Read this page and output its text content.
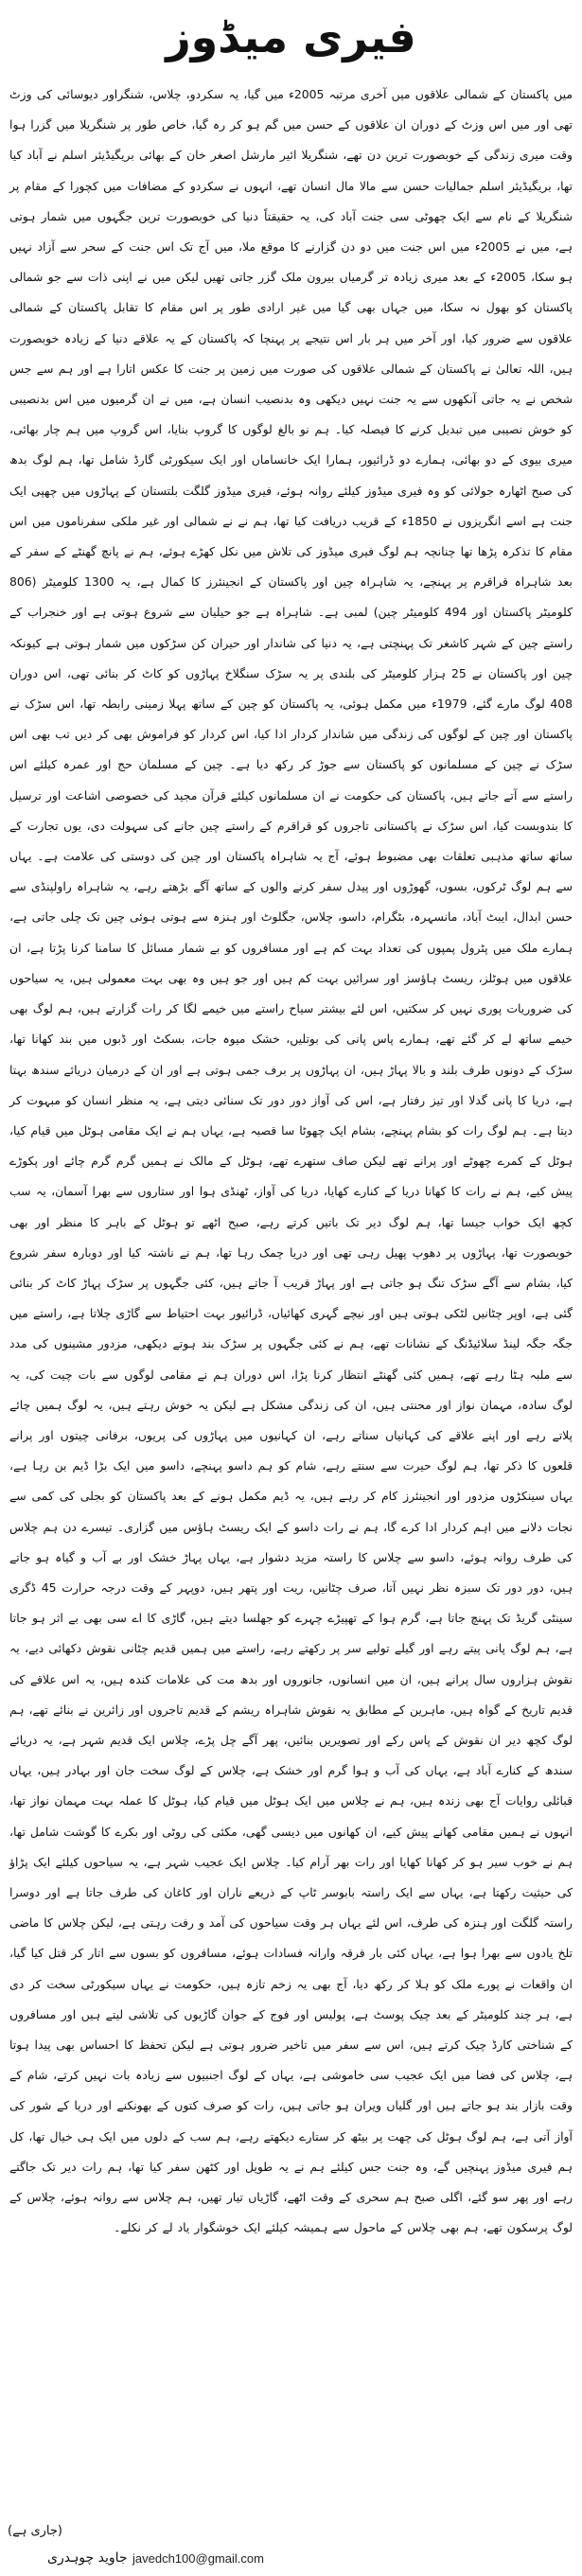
فیری میڈوز

میں پاکستان کے شمالی علاقوں میں آخری مرتبہ 2005ء میں گیا، یہ سکردو، چلاس، شنگراور دیوسائی کی وزٹ تھی اور میں اس وزٹ کے دوران ان علاقوں کے حسن میں گم ہو کر رہ گیا، خاص طور پر شنگریلا میں گزرا ہوا وقت میری زندگی کے خوبصورت ترین دن تھے، شنگریلا ائیر مارشل اصغر خان کے بھائی بریگیڈیئر اسلم نے آباد کیا تھا، بریگیڈیئر اسلم جمالیات حسن سے مالا مال انسان تھے، انہوں نے سکردو کے مضافات میں کچورا کے مقام پر شنگریلا کے نام سے ایک چھوٹی سی جنت آباد کی، یہ حقیقتاً دنیا کی خوبصورت ترین جگہوں میں شمار ہوتی ہے، میں نے 2005ء میں اس جنت میں دو دن گزارنے کا موقع ملا، میں آج تک اس جنت کے سحر سے آزاد نہیں ہو سکا، 2005ء کے بعد میری زیادہ تر گرمیاں بیرون ملک گزر جاتی تھیں لیکن میں نے اپنی ذات سے جو شمالی پاکستان کو بھول نہ سکا، میں جہاں بھی گیا میں غیر ارادی طور پر اس مقام کا تقابل پاکستان کے شمالی علاقوں سے ضرور کیا، اور آخر میں ہر بار اس نتیجے پر پہنچا کہ پاکستان کے یہ علاقے دنیا کے زیادہ خوبصورت ہیں، اللہ تعالیٰ نے پاکستان کے شمالی علاقوں کی صورت میں زمین پر جنت کا عکس اتارا ہے اور ہم سے جس شخص نے یہ جاتی آنکھوں سے یہ جنت نہیں دیکھی وہ بدنصیب انسان ہے، میں نے ان گرمیوں میں اس بدنصیبی کو خوش نصیبی میں تبدیل کرنے کا فیصلہ کیا۔ ہم نو بالغ لوگوں کا گروپ بنایا، اس گروپ میں ہم چار بھائی، میری بیوی کے دو بھائی، ہمارے دو ڈرائیور، ہمارا ایک خانساماں اور ایک سیکورٹی گارڈ شامل تھا، ہم لوگ بدھ کی صبح اٹھارہ جولائی کو وہ فیری میڈوز کیلئے روانہ ہوئے، فیری میڈوز گلگت بلتستان کے پہاڑوں میں چھپی ایک جنت ہے اسے انگریزوں نے 1850ء کے قریب دریافت کیا تھا، ہم نے نے شمالی اور غیر ملکی سفرناموں میں اس مقام کا تذکرہ پڑھا تھا چنانچہ ہم لوگ فیری میڈوز کی تلاش میں نکل کھڑے ہوئے، ہم نے پانچ گھنٹے کے سفر کے بعد شاہراہ قراقرم پر پہنچے، یہ شاہراہ چین اور پاکستان کے انجینئرز کا کمال ہے، یہ 1300 کلومیٹر (806 کلومیٹر پاکستان اور 494 کلومیٹر چین) لمبی ہے۔ شاہراہ ہے جو حیلیان سے شروع ہوتی ہے اور خنجراب کے راستے چین کے شہر کاشغر تک پہنچتی ہے، یہ دنیا کی شاندار اور حیران کن سڑکوں میں شمار ہوتی ہے کیونکہ چین اور پاکستان نے 25 ہزار کلومیٹر کی بلندی پر یہ سڑک سنگلاخ پہاڑوں کو کاٹ کر بنائی تھی، اس دوران 408 لوگ مارے گئے، 1979ء میں مکمل ہوئی، یہ پاکستان کو چین کے ساتھ پہلا زمینی رابطہ تھا، اس سڑک نے پاکستان اور چین کے لوگوں کی زندگی میں شاندار کردار ادا کیا، اس کردار کو فراموش بھی کر دیں تب بھی اس سڑک نے چین کے مسلمانوں کو پاکستان سے جوڑ کر رکھ دیا ہے۔ چین کے مسلمان حج اور عمرہ کیلئے اس راستے سے آتے جاتے ہیں، پاکستان کی حکومت نے ان مسلمانوں کیلئے قرآن مجید کی خصوصی اشاعت اور ترسیل کا بندوبست کیا، اس سڑک نے پاکستانی تاجروں کو قراقرم کے راستے چین جانے کی سہولت دی، یوں تجارت کے ساتھ ساتھ مذہبی تعلقات بھی مضبوط ہوئے، آج یہ شاہراہ پاکستان اور چین کی دوستی کی علامت ہے۔ یہاں سے ہم لوگ ٹرکوں، بسوں، گھوڑوں اور پیدل سفر کرنے والوں کے ساتھ آگے بڑھتے رہے، یہ شاہراہ راولپنڈی سے حسن ابدال، ایبٹ آباد، مانسہرہ، بٹگرام، داسو، چلاس، جگلوٹ اور ہنزہ سے ہوتی ہوئی چین تک چلی جاتی ہے، ہمارے ملک میں پٹرول پمپوں کی تعداد بہت کم ہے اور مسافروں کو بے شمار مسائل کا سامنا کرنا پڑتا ہے، ان علاقوں میں ہوٹلز، ریسٹ ہاؤسز اور سرائیں بہت کم ہیں اور جو ہیں وہ بھی بہت معمولی ہیں، یہ سیاحوں کی ضروریات پوری نہیں کر سکتیں، اس لئے بیشتر سیاح راستے میں خیمے لگا کر رات گزارتے ہیں، ہم لوگ بھی خیمے ساتھ لے کر گئے تھے، ہمارے پاس پانی کی بوتلیں، خشک میوہ جات، بسکٹ اور ڈبوں میں بند کھانا تھا، سڑک کے دونوں طرف بلند و بالا پہاڑ ہیں، ان پہاڑوں پر برف جمی ہوتی ہے اور ان کے درمیان دریائے سندھ بہتا ہے، دریا کا پانی گدلا اور تیز رفتار ہے، اس کی آواز دور دور تک سنائی دیتی ہے، یہ منظر انسان کو مبہوت کر دیتا ہے۔ ہم لوگ رات کو بشام پہنچے، بشام ایک چھوٹا سا قصبہ ہے، یہاں ہم نے ایک مقامی ہوٹل میں قیام کیا، ہوٹل کے کمرے چھوٹے اور پرانے تھے لیکن صاف ستھرے تھے، ہوٹل کے مالک نے ہمیں گرم گرم چائے اور پکوڑے پیش کیے، ہم نے رات کا کھانا دریا کے کنارے کھایا، دریا کی آواز، ٹھنڈی ہوا اور ستاروں سے بھرا آسمان، یہ سب کچھ ایک خواب جیسا تھا، ہم لوگ دیر تک باتیں کرتے رہے، صبح اٹھے تو ہوٹل کے باہر کا منظر اور بھی خوبصورت تھا، پہاڑوں پر دھوپ پھیل رہی تھی اور دریا چمک رہا تھا، ہم نے ناشتہ کیا اور دوبارہ سفر شروع کیا، بشام سے آگے سڑک تنگ ہو جاتی ہے اور پہاڑ قریب آ جاتے ہیں، کئی جگہوں پر سڑک پہاڑ کاٹ کر بنائی گئی ہے، اوپر چٹانیں لٹکی ہوتی ہیں اور نیچے گہری کھائیاں، ڈرائیور بہت احتیاط سے گاڑی چلاتا ہے، راستے میں جگہ جگہ لینڈ سلائیڈنگ کے نشانات تھے، ہم نے کئی جگہوں پر سڑک بند ہوتے دیکھی، مزدور مشینوں کی مدد سے ملبہ ہٹا رہے تھے، ہمیں کئی گھنٹے انتظار کرنا پڑا، اس دوران ہم نے مقامی لوگوں سے بات چیت کی، یہ لوگ سادہ، مہمان نواز اور محنتی ہیں، ان کی زندگی مشکل ہے لیکن یہ خوش رہتے ہیں، یہ لوگ ہمیں چائے پلاتے رہے اور اپنے علاقے کی کہانیاں سناتے رہے، ان کہانیوں میں پہاڑوں کی پریوں، برفانی چیتوں اور پرانے قلعوں کا ذکر تھا، ہم لوگ حیرت سے سنتے رہے، شام کو ہم داسو پہنچے، داسو میں ایک بڑا ڈیم بن رہا ہے، یہاں سینکڑوں مزدور اور انجینئرز کام کر رہے ہیں، یہ ڈیم مکمل ہونے کے بعد پاکستان کو بجلی کی کمی سے نجات دلانے میں اہم کردار ادا کرے گا، ہم نے رات داسو کے ایک ریسٹ ہاؤس میں گزاری۔ تیسرے دن ہم چلاس کی طرف روانہ ہوئے، داسو سے چلاس کا راستہ مزید دشوار ہے، یہاں پہاڑ خشک اور بے آب و گیاہ ہو جاتے ہیں، دور دور تک سبزہ نظر نہیں آتا، صرف چٹانیں، ریت اور پتھر ہیں، دوپہر کے وقت درجہ حرارت 45 ڈگری سینٹی گریڈ تک پہنچ جاتا ہے، گرم ہوا کے تھپیڑے چہرے کو جھلسا دیتے ہیں، گاڑی کا اے سی بھی بے اثر ہو جاتا ہے، ہم لوگ پانی پیتے رہے اور گیلے تولیے سر پر رکھتے رہے، راستے میں ہمیں قدیم چٹانی نقوش دکھائی دیے، یہ نقوش ہزاروں سال پرانے ہیں، ان میں انسانوں، جانوروں اور بدھ مت کی علامات کندہ ہیں، یہ اس علاقے کی قدیم تاریخ کے گواہ ہیں، ماہرین کے مطابق یہ نقوش شاہراہ ریشم کے قدیم تاجروں اور زائرین نے بنائے تھے، ہم لوگ کچھ دیر ان نقوش کے پاس رکے اور تصویریں بنائیں، پھر آگے چل پڑے، چلاس ایک قدیم شہر ہے، یہ دریائے سندھ کے کنارے آباد ہے، یہاں کی آب و ہوا گرم اور خشک ہے، چلاس کے لوگ سخت جان اور بہادر ہیں، یہاں قبائلی روایات آج بھی زندہ ہیں، ہم نے چلاس میں ایک ہوٹل میں قیام کیا، ہوٹل کا عملہ بہت مہمان نواز تھا، انہوں نے ہمیں مقامی کھانے پیش کیے، ان کھانوں میں دیسی گھی، مکئی کی روٹی اور بکرے کا گوشت شامل تھا، ہم نے خوب سیر ہو کر کھانا کھایا اور رات بھر آرام کیا۔ چلاس ایک عجیب شہر ہے، یہ سیاحوں کیلئے ایک پڑاؤ کی حیثیت رکھتا ہے، یہاں سے ایک راستہ بابوسر ٹاپ کے ذریعے ناران اور کاغان کی طرف جاتا ہے اور دوسرا راستہ گلگت اور ہنزہ کی طرف، اس لئے یہاں ہر وقت سیاحوں کی آمد و رفت رہتی ہے، لیکن چلاس کا ماضی تلخ یادوں سے بھرا ہوا ہے، یہاں کئی بار فرقہ وارانہ فسادات ہوئے، مسافروں کو بسوں سے اتار کر قتل کیا گیا، ان واقعات نے پورے ملک کو ہلا کر رکھ دیا، آج بھی یہ زخم تازہ ہیں، حکومت نے یہاں سیکورٹی سخت کر دی ہے، ہر چند کلومیٹر کے بعد چیک پوسٹ ہے، پولیس اور فوج کے جوان گاڑیوں کی تلاشی لیتے ہیں اور مسافروں کے شناختی کارڈ چیک کرتے ہیں، اس سے سفر میں تاخیر ضرور ہوتی ہے لیکن تحفظ کا احساس بھی پیدا ہوتا ہے، چلاس کی فضا میں ایک عجیب سی خاموشی ہے، یہاں کے لوگ اجنبیوں سے زیادہ بات نہیں کرتے، شام کے وقت بازار بند ہو جاتے ہیں اور گلیاں ویران ہو جاتی ہیں، رات کو صرف کتوں کے بھونکنے اور دریا کے شور کی آواز آتی ہے، ہم لوگ ہوٹل کی چھت پر بیٹھ کر ستارے دیکھتے رہے، ہم سب کے دلوں میں ایک ہی خیال تھا، کل ہم فیری میڈوز پہنچیں گے، وہ جنت جس کیلئے ہم نے یہ طویل اور کٹھن سفر کیا تھا، ہم رات دیر تک جاگتے رہے اور پھر سو گئے، اگلی صبح ہم سحری کے وقت اٹھے، گاڑیاں تیار تھیں، ہم چلاس سے روانہ ہوئے، چلاس کے لوگ پرسکون تھے، ہم بھی چلاس کے ماحول سے ہمیشہ کیلئے ایک خوشگوار یاد لے کر نکلے۔

(جاری ہے)
جاوید چوہدری javedch100@gmail.com
